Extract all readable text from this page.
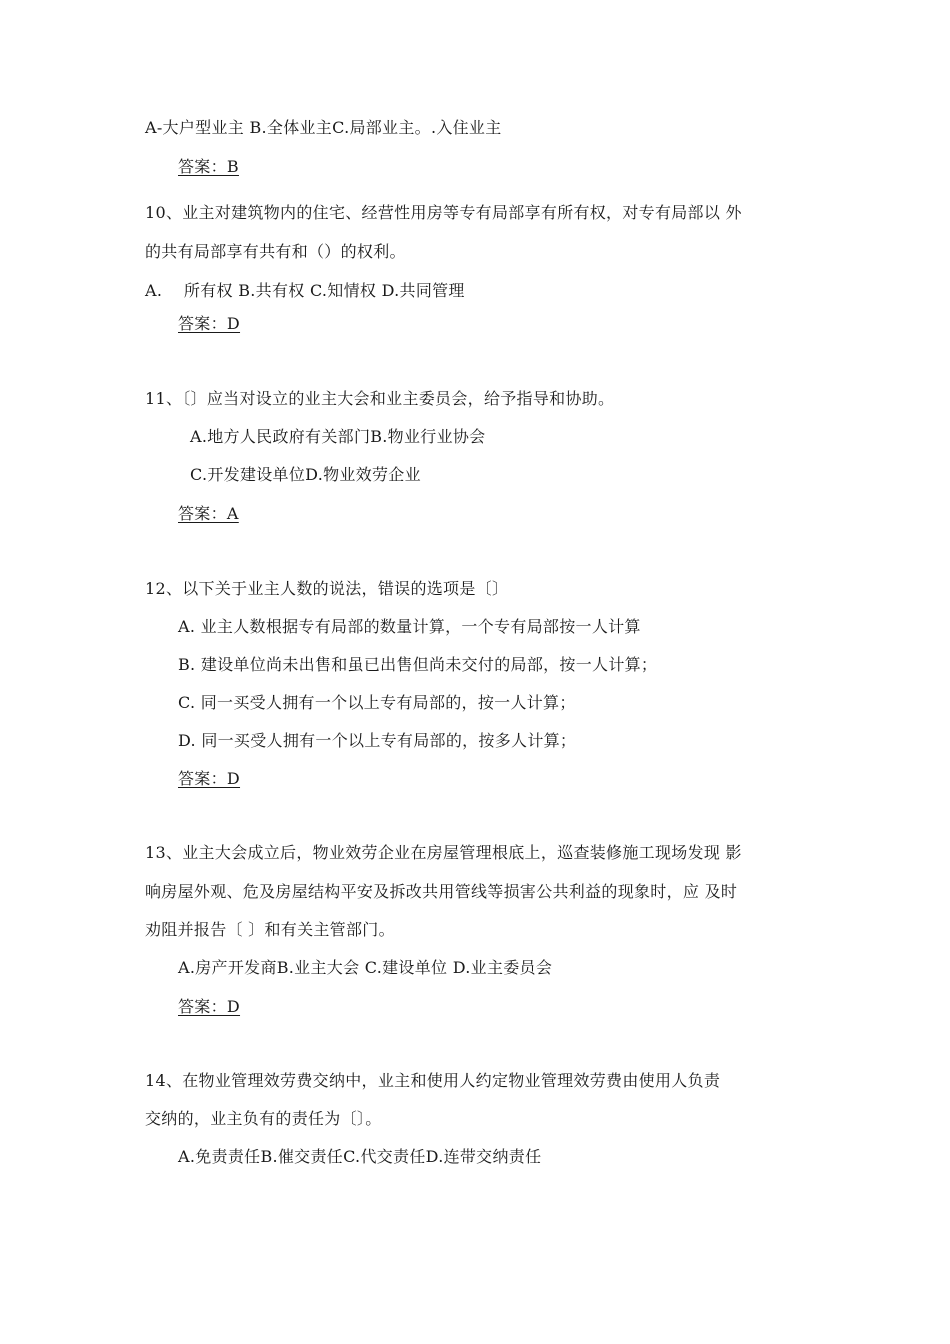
A-大户型业主 B.全体业主C.局部业主。.入住业主
答案：B
10、业主对建筑物内的住宅、经营性用房等专有局部享有所有权，对专有局部以 外
的共有局部享有共有和（）的权利。
A.　 所有权 B.共有权 C.知情权 D.共同管理
答案：D
11、〔〕应当对设立的业主大会和业主委员会，给予指导和协助。
A.地方人民政府有关部门B.物业行业协会
C.开发建设单位D.物业效劳企业
答案：A
12、以下关于业主人数的说法，错误的选项是〔〕
A. 业主人数根据专有局部的数量计算，一个专有局部按一人计算
B. 建设单位尚未出售和虽已出售但尚未交付的局部，按一人计算；
C. 同一买受人拥有一个以上专有局部的，按一人计算；
D. 同一买受人拥有一个以上专有局部的，按多人计算；
答案：D
13、业主大会成立后，物业效劳企业在房屋管理根底上，巡查装修施工现场发现 影
响房屋外观、危及房屋结构平安及拆改共用管线等损害公共利益的现象时，应 及时
劝阻并报告〔 〕和有关主管部门。
A.房产开发商B.业主大会 C.建设单位 D.业主委员会
答案：D
14、在物业管理效劳费交纳中，业主和使用人约定物业管理效劳费由使用人负责
交纳的，业主负有的责任为〔〕。
A.免责责任B.催交责任C.代交责任D.连带交纳责任
